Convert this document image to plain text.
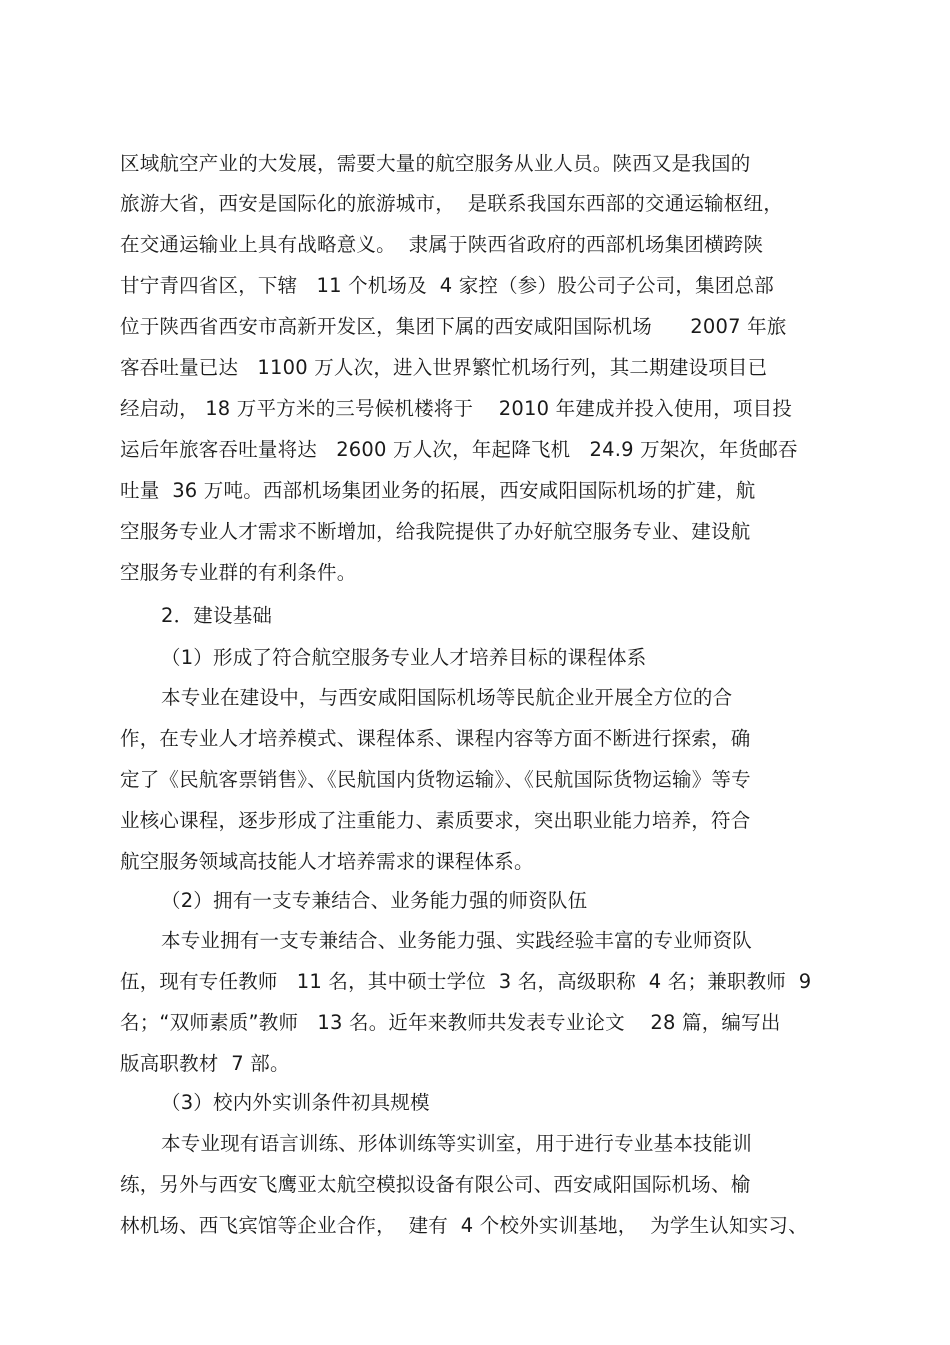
区域航空产业的大发展，需要大量的航空服务从业人员。陕西又是我国的
旅游大省，西安是国际化的旅游城市，  是联系我国东西部的交通运输枢纽，
在交通运输业上具有战略意义。  隶属于陕西省政府的西部机场集团横跨陕
甘宁青四省区，下辖   11 个机场及  4 家控（参）股公司子公司，集团总部
位于陕西省西安市高新开发区，集团下属的西安咸阳国际机场      2007 年旅
客吞吐量已达   1100 万人次，进入世界繁忙机场行列，其二期建设项目已
经启动， 18 万平方米的三号候机楼将于    2010 年建成并投入使用，项目投
运后年旅客吞吐量将达   2600 万人次，年起降飞机   24.9 万架次，年货邮吞
吐量  36 万吨。西部机场集团业务的拓展，西安咸阳国际机场的扩建，航
空服务专业人才需求不断增加，给我院提供了办好航空服务专业、建设航
空服务专业群的有利条件。
2．建设基础
（1）形成了符合航空服务专业人才培养目标的课程体系
本专业在建设中，与西安咸阳国际机场等民航企业开展全方位的合
作，在专业人才培养模式、课程体系、课程内容等方面不断进行探索，确
定了《民航客票销售》、《民航国内货物运输》、《民航国际货物运输》等专
业核心课程，逐步形成了注重能力、素质要求，突出职业能力培养，符合
航空服务领域高技能人才培养需求的课程体系。
（2）拥有一支专兼结合、业务能力强的师资队伍
本专业拥有一支专兼结合、业务能力强、实践经验丰富的专业师资队
伍，现有专任教师   11 名，其中硕士学位  3 名，高级职称  4 名；兼职教师  9
名；“双师素质”教师   13 名。近年来教师共发表专业论文    28 篇，编写出
版高职教材  7 部。
（3）校内外实训条件初具规模
本专业现有语言训练、形体训练等实训室，用于进行专业基本技能训
练，另外与西安飞鹰亚太航空模拟设备有限公司、西安咸阳国际机场、榆
林机场、西飞宾馆等企业合作，  建有  4 个校外实训基地，  为学生认知实习、
